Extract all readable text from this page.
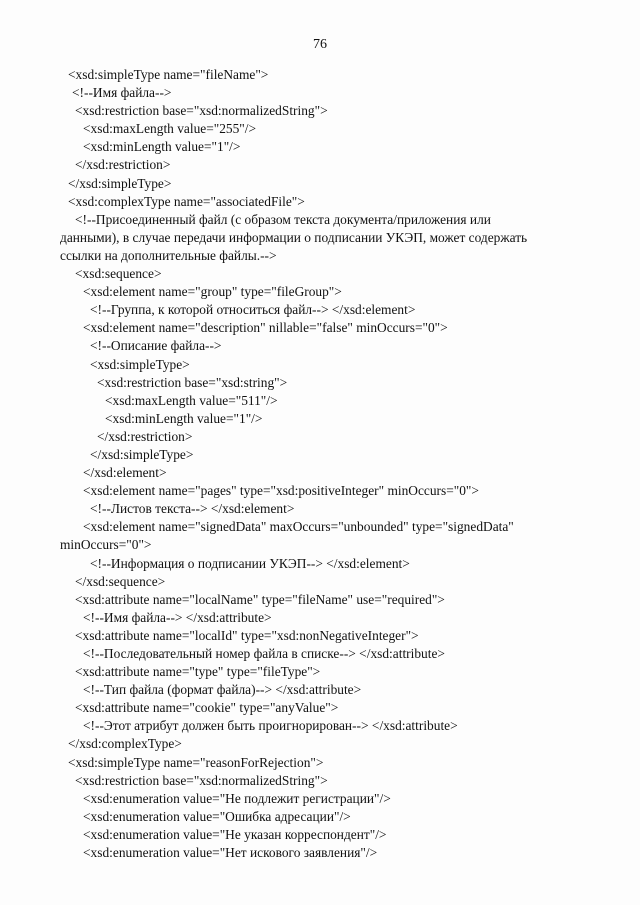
76
<xsd:simpleType name="fileName">
<!--Имя файла-->
<xsd:restriction base="xsd:normalizedString">
<xsd:maxLength value="255"/>
<xsd:minLength value="1"/>
</xsd:restriction>
</xsd:simpleType>
<xsd:complexType name="associatedFile">
<!--Присоединенный файл (с образом текста документа/приложения или
данными), в случае передачи информации о подписании УКЭП, может содержать
ссылки на дополнительные файлы.-->
<xsd:sequence>
<xsd:element name="group" type="fileGroup">
<!--Группа, к которой относиться файл--> </xsd:element>
<xsd:element name="description" nillable="false" minOccurs="0">
<!--Описание файла-->
<xsd:simpleType>
<xsd:restriction base="xsd:string">
<xsd:maxLength value="511"/>
<xsd:minLength value="1"/>
</xsd:restriction>
</xsd:simpleType>
</xsd:element>
<xsd:element name="pages" type="xsd:positiveInteger" minOccurs="0">
<!--Листов текста--> </xsd:element>
<xsd:element name="signedData" maxOccurs="unbounded" type="signedData"
minOccurs="0">
<!--Информация о подписании УКЭП--> </xsd:element>
</xsd:sequence>
<xsd:attribute name="localName" type="fileName" use="required">
<!--Имя файла--> </xsd:attribute>
<xsd:attribute name="localId" type="xsd:nonNegativeInteger">
<!--Последовательный номер файла в списке--> </xsd:attribute>
<xsd:attribute name="type" type="fileType">
<!--Тип файла (формат файла)--> </xsd:attribute>
<xsd:attribute name="cookie" type="anyValue">
<!--Этот атрибут должен быть проигнорирован--> </xsd:attribute>
</xsd:complexType>
<xsd:simpleType name="reasonForRejection">
<xsd:restriction base="xsd:normalizedString">
<xsd:enumeration value="Не подлежит регистрации"/>
<xsd:enumeration value="Ошибка адресации"/>
<xsd:enumeration value="Не указан корреспондент"/>
<xsd:enumeration value="Нет искового заявления"/>
